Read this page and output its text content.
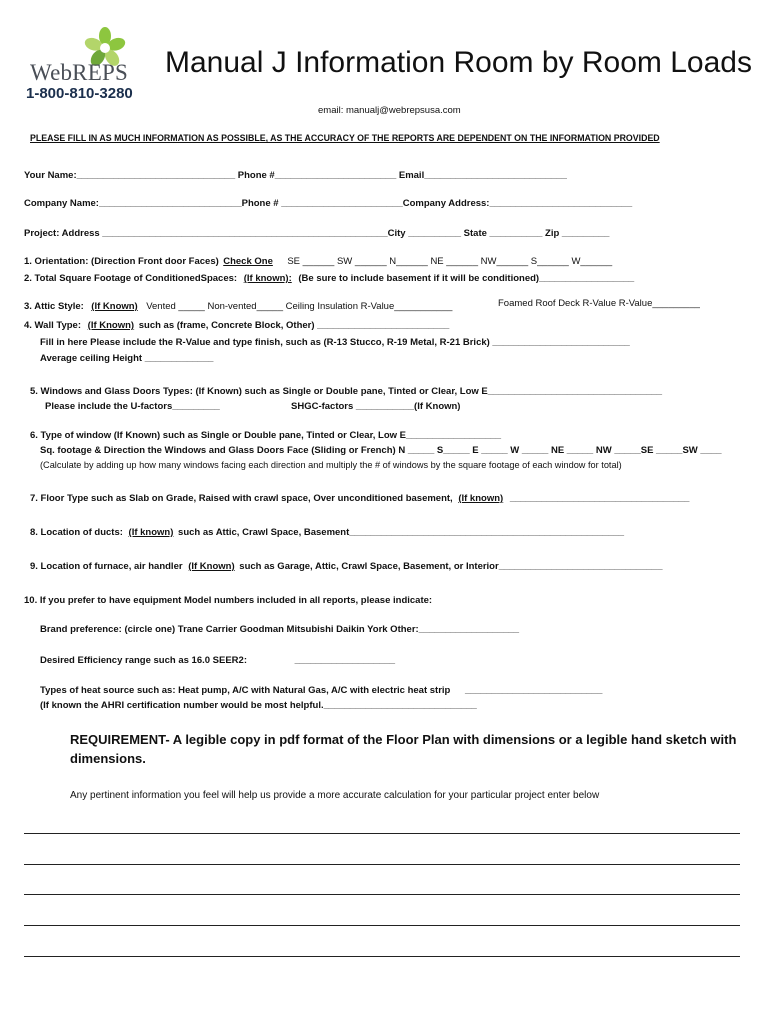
WebREPS
1-800-810-3280
Manual J Information Room by Room Loads
email: manualj@webrepsusa.com
PLEASE FILL IN AS MUCH INFORMATION AS POSSIBLE, AS THE ACCURACY OF THE REPORTS ARE DEPENDENT ON THE INFORMATION PROVIDED
Your Name:______________________________ Phone #_______________________ Email___________________________
Company Name:___________________________Phone # _______________________Company Address:___________________________
Project: Address ______________________________________________________City __________ State __________ Zip _________
1. Orientation: (Direction Front door Faces) Check One SE ______ SW ______ N______ NE ______ NW______ S______ W______
2. Total Square Footage of ConditionedSpaces: (If known): (Be sure to include basement if it will be conditioned)__________________
3. Attic Style: (If Known) Vented _____ Non-vented_____ Ceiling Insulation R-Value___________	Foamed Roof Deck R-Value R-Value_________
4. Wall Type: (If Known) such as (frame, Concrete Block, Other) _________________________
Fill in here Please include the R-Value and type finish, such as (R-13 Stucco, R-19 Metal, R-21 Brick) __________________________
Average ceiling Height _____________
5. Windows and Glass Doors Types: (If Known) such as Single or Double pane, Tinted or Clear, Low E_________________________________
Please include the U-factors_________	SHGC-factors ___________(If Known)
6. Type of window (If Known) such as Single or Double pane, Tinted or Clear, Low E__________________
Sq. footage & Direction the Windows and Glass Doors Face (Sliding or French) N _____ S_____ E _____ W _____ NE _____ NW _____SE _____SW ____
(Calculate by adding up how many windows facing each direction and multiply the # of windows by the square footage of each window for total)
7. Floor Type such as Slab on Grade, Raised with crawl space, Over unconditioned basement, (If known) __________________________________
8. Location of ducts: (If known) such as Attic, Crawl Space, Basement____________________________________________________
9. Location of furnace, air handler (If Known) such as Garage, Attic, Crawl Space, Basement, or Interior_______________________________
10. If you prefer to have equipment Model numbers included in all reports, please indicate:
Brand preference: (circle one) Trane Carrier Goodman Mitsubishi Daikin York Other:___________________
Desired Efficiency range such as 16.0 SEER2:	___________________
Types of heat source such as: Heat pump, A/C with Natural Gas, A/C with electric heat strip __________________________
(If known the AHRI certification number would be most helpful._____________________________
REQUIREMENT- A legible copy in pdf format of the Floor Plan with dimensions or a legible hand sketch with
dimensions.
Any pertinent information you feel will help us provide a more accurate calculation for your particular project enter below
